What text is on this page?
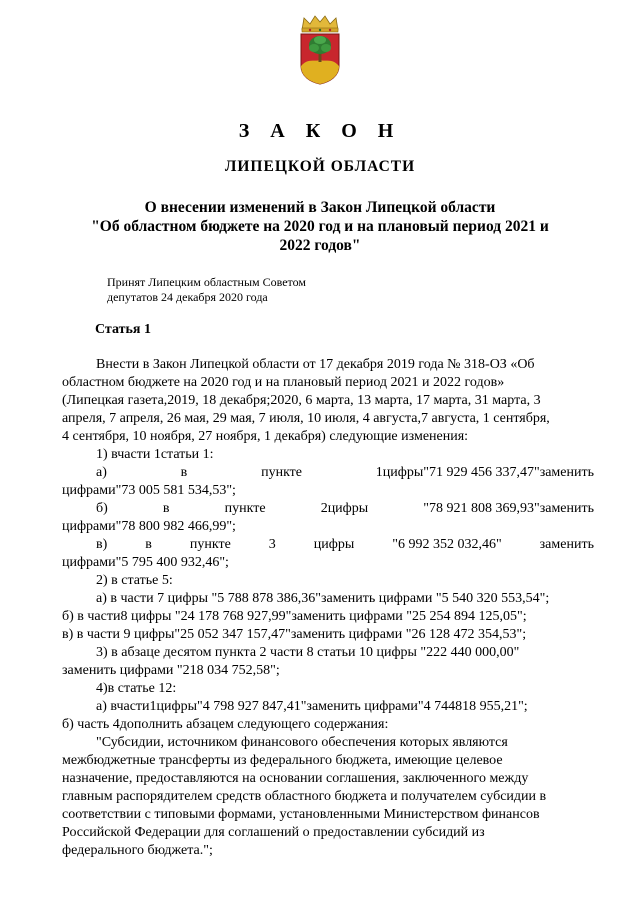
З А К О Н
ЛИПЕЦКОЙ ОБЛАСТИ
О внесении изменений в Закон Липецкой области
"Об областном бюджете на 2020 год и на плановый период 2021 и
2022 годов"
Принят Липецким областным Советом
депутатов 24 декабря 2020 года
Статья 1
Внести в Закон Липецкой области от 17 декабря 2019 года № 318-ОЗ «Об
областном бюджете на 2020 год и на плановый период 2021 и 2022 годов»
(Липецкая газета,2019, 18 декабря;2020, 6 марта, 13 марта, 17 марта, 31 марта, 3
апреля, 7 апреля, 26 мая, 29 мая, 7 июля, 10 июля, 4 августа,7 августа, 1 сентября,
4 сентября, 10 ноября, 27 ноября, 1 декабря) следующие изменения:
1) вчасти 1статьи 1:
а)	в	пункте	1цифры"71 929 456 337,47"заменить
цифрами"73 005 581 534,53";
б)	в	пункте	2цифры	"78 921 808 369,93"заменить
цифрами"78 800 982 466,99";
в)	в	пункте	3	цифры	"6 992 352 032,46"	заменить
цифрами"5 795 400 932,46";
2) в статье 5:
а) в части 7 цифры "5 788 878 386,36"заменить цифрами "5 540 320 553,54";
б) в части8 цифры "24 178 768 927,99"заменить цифрами "25 254 894 125,05";
в) в части 9 цифры"25 052 347 157,47"заменить цифрами "26 128 472 354,53";
3) в абзаце десятом пункта 2 части 8 статьи 10 цифры "222 440 000,00"
заменить цифрами "218 034 752,58";
4)в статье 12:
а) вчасти1цифры"4 798 927 847,41"заменить цифрами"4 744818 955,21";
б) часть 4дополнить абзацем следующего содержания:
"Субсидии, источником финансового обеспечения которых являются
межбюджетные трансферты из федерального бюджета, имеющие целевое
назначение, предоставляются на основании соглашения, заключенного между
главным распорядителем средств областного бюджета и получателем субсидии в
соответствии с типовыми формами, установленными Министерством финансов
Российской Федерации для соглашений о предоставлении субсидий из
федерального бюджета.";
